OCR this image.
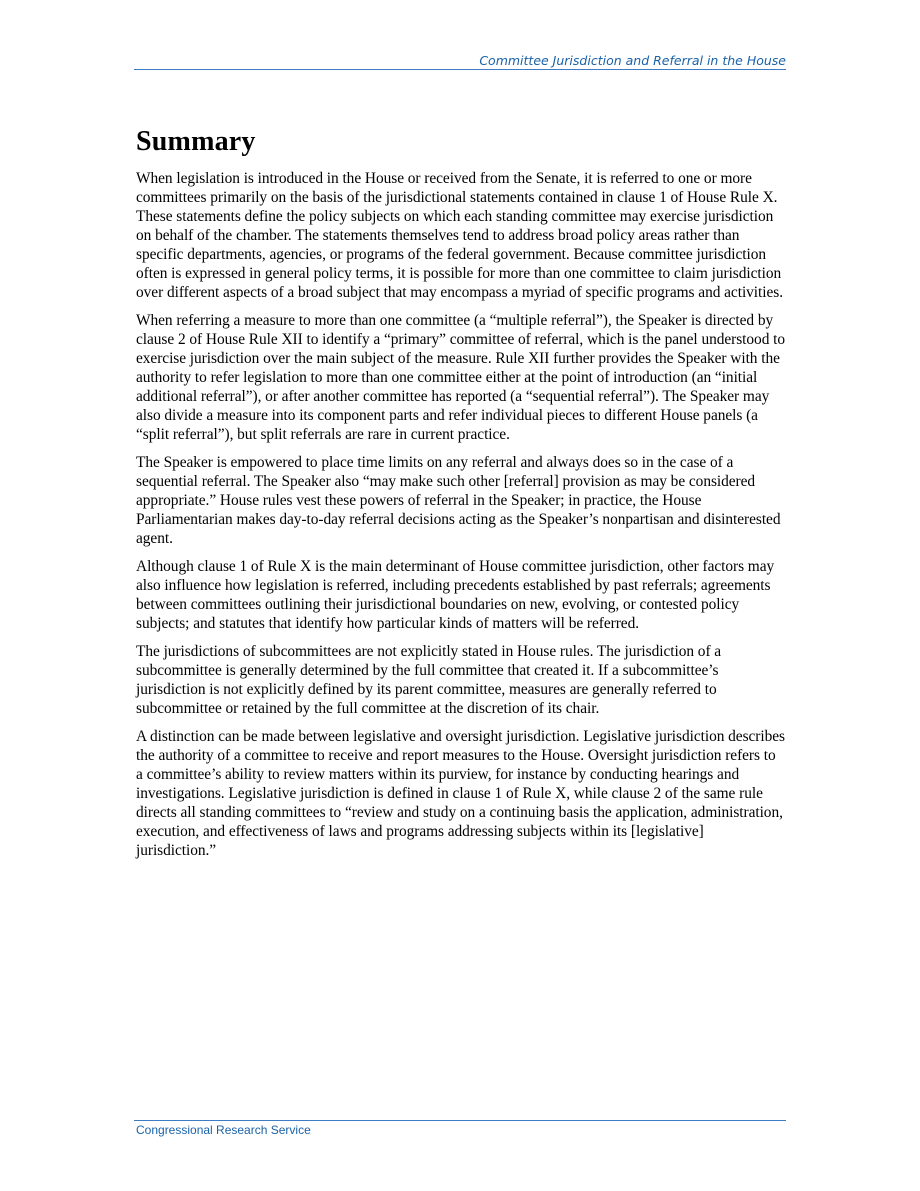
Committee Jurisdiction and Referral in the House
Summary

When legislation is introduced in the House or received from the Senate, it is referred to one or more committees primarily on the basis of the jurisdictional statements contained in clause 1 of House Rule X. These statements define the policy subjects on which each standing committee may exercise jurisdiction on behalf of the chamber. The statements themselves tend to address broad policy areas rather than specific departments, agencies, or programs of the federal government. Because committee jurisdiction often is expressed in general policy terms, it is possible for more than one committee to claim jurisdiction over different aspects of a broad subject that may encompass a myriad of specific programs and activities.

When referring a measure to more than one committee (a “multiple referral”), the Speaker is directed by clause 2 of House Rule XII to identify a “primary” committee of referral, which is the panel understood to exercise jurisdiction over the main subject of the measure. Rule XII further provides the Speaker with the authority to refer legislation to more than one committee either at the point of introduction (an “initial additional referral”), or after another committee has reported (a “sequential referral”). The Speaker may also divide a measure into its component parts and refer individual pieces to different House panels (a “split referral”), but split referrals are rare in current practice.

The Speaker is empowered to place time limits on any referral and always does so in the case of a sequential referral. The Speaker also “may make such other [referral] provision as may be considered appropriate.” House rules vest these powers of referral in the Speaker; in practice, the House Parliamentarian makes day-to-day referral decisions acting as the Speaker’s nonpartisan and disinterested agent.

Although clause 1 of Rule X is the main determinant of House committee jurisdiction, other factors may also influence how legislation is referred, including precedents established by past referrals; agreements between committees outlining their jurisdictional boundaries on new, evolving, or contested policy subjects; and statutes that identify how particular kinds of matters will be referred.

The jurisdictions of subcommittees are not explicitly stated in House rules. The jurisdiction of a subcommittee is generally determined by the full committee that created it. If a subcommittee’s jurisdiction is not explicitly defined by its parent committee, measures are generally referred to subcommittee or retained by the full committee at the discretion of its chair.

A distinction can be made between legislative and oversight jurisdiction. Legislative jurisdiction describes the authority of a committee to receive and report measures to the House. Oversight jurisdiction refers to a committee’s ability to review matters within its purview, for instance by conducting hearings and investigations. Legislative jurisdiction is defined in clause 1 of Rule X, while clause 2 of the same rule directs all standing committees to “review and study on a continuing basis the application, administration, execution, and effectiveness of laws and programs addressing subjects within its [legislative] jurisdiction.”

Congressional Research Service
